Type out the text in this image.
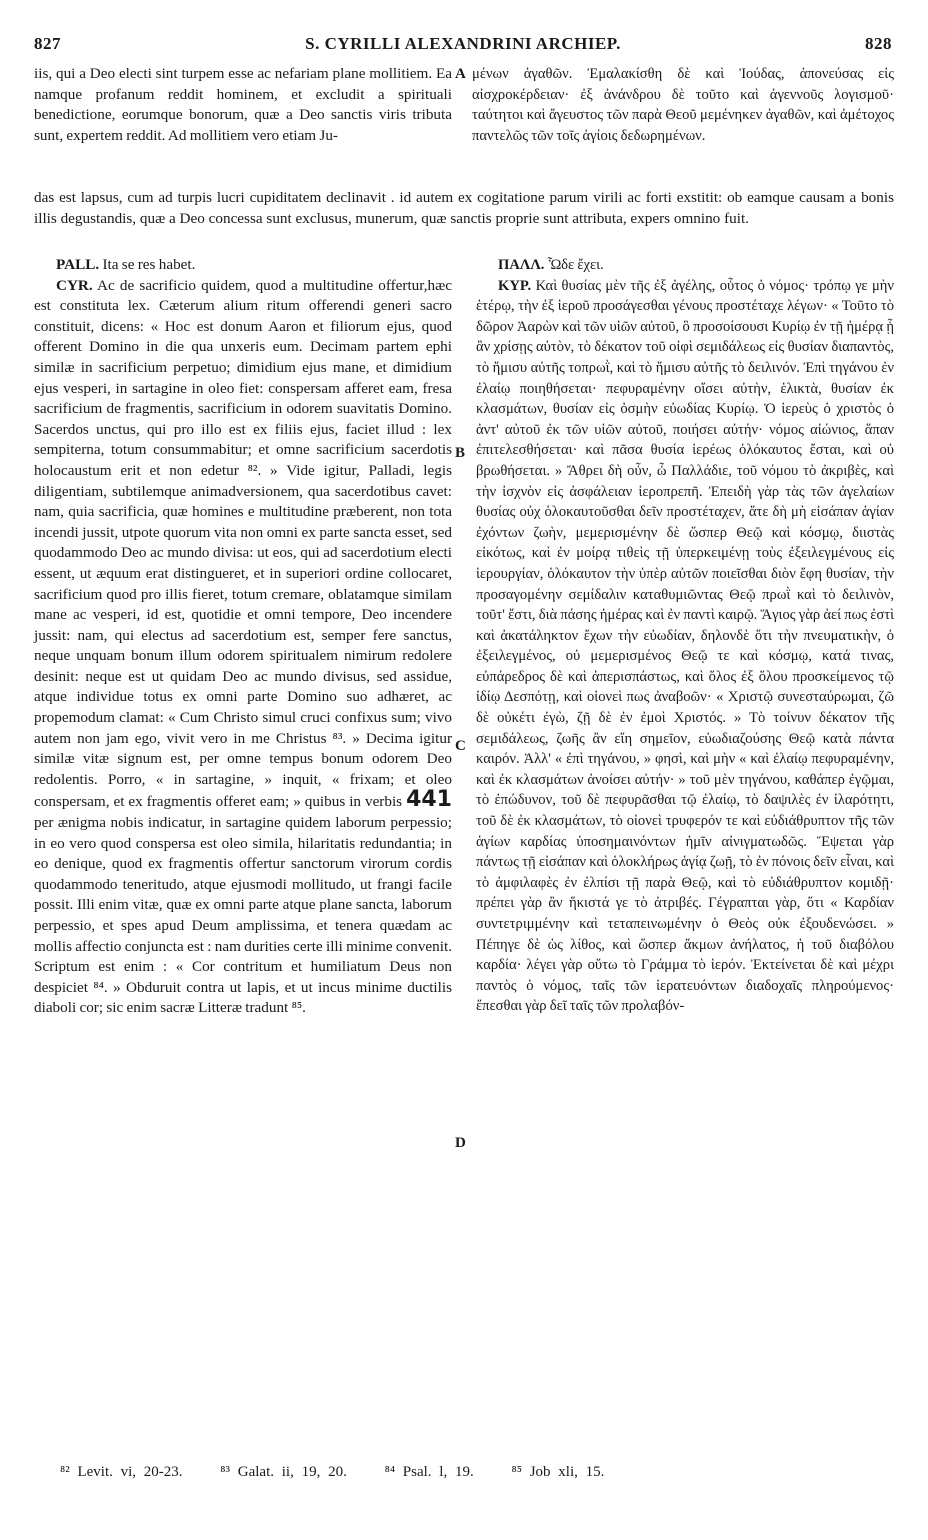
827	S. CYRILLI ALEXANDRINI ARCHIEP.	828

iis, qui a Deo electi sint turpem esse ac nefariam plane mollitiem. Ea namque profanum reddit hominem, et excludit a spirituali benedictione, eorumque bonorum, quæ a Deo sanctis viris tributa sunt, expertem reddit. Ad mollitiem vero etiam Ju-

A μένων ἀγαθῶν. Ἐμαλακίσθη δὲ καὶ Ἰούδας, ἀπονεύσας εἰς αἰσχροκέρδειαν· ἐξ ἀνάνδρου δὲ τοῦτο καὶ ἀγεννοῦς λογισμοῦ· ταύτητοι καὶ ἄγευστος τῶν παρὰ Θεοῦ μεμένηκεν ἀγαθῶν, καὶ ἀμέτοχος παντελῶς τῶν τοῖς ἁγίοις δεδωρημένων.

das est lapsus, cum ad turpis lucri cupiditatem declinavit . id autem ex cogitatione parum virili ac forti exstitit: ob eamque causam a bonis illis degustandis, quæ a Deo concessa sunt exclusus, munerum, quæ sanctis proprie sunt attributa, expers omnino fuit.

PALL. Ita se res habet.

CYR. Ac de sacrificio quidem, quod a multitudine offertur,hæc est constituta lex. Cæterum alium ritum offerendi generi sacro constituit, dicens: « Hoc est donum Aaron et filiorum ejus, quod offerent Domino in die qua unxeris eum. Decimam partem ephi similæ in sacrificium perpetuo; dimidium ejus mane, et dimidium ejus vesperi, in sartagine in oleo fiet: conspersam afferet eam, fresa sacrificium de fragmentis, sacrificium in odorem suavitatis Domino. Sacerdos unctus, qui pro illo est ex filiis ejus, faciet illud : lex sempiterna, totum consummabitur; et omne sacrificium sacerdotis holocaustum erit et non edetur ⁸². » Vide igitur, Palladi, legis diligentiam, subtilemque animadversionem, qua sacerdotibus cavet: nam, quia sacrificia, quæ homines e multitudine præberent, non tota incendi jussit, utpote quorum vita non omni ex parte sancta esset, sed quodammodo Deo ac mundo divisa: ut eos, qui ad sacerdotium electi essent, ut æquum erat distingueret, et in superiori ordine collocaret, sacrificium quod pro illis fieret, totum cremare, oblatamque similam mane ac vesperi, id est, quotidie et omni tempore, Deo incendere jussit: nam, qui electus ad sacerdotium est, semper fere sanctus, neque unquam bonum illum odorem spiritualem nimirum redolere desinit: neque est ut quidam Deo ac mundo divisus, sed assidue, atque individue totus ex omni parte Domino suo adhæret, ac propemodum clamat: « Cum Christo simul cruci confixus sum; vivo autem non jam ego, vivit vero in me Christus ⁸³. » Decima igitur similæ vitæ signum est, per omne tempus bonum odorem Deo redolentis. Porro, « in sartagine, » inquit, « frixam; et oleo conspersam, et ex fragmentis offeret eam; » quibus in verbis 441 per ænigma nobis indicatur, in sartagine quidem laborum perpessio; in eo vero quod conspersa est oleo simila, hilaritatis redundantia; in eo denique, quod ex fragmentis offertur sanctorum virorum cordis quodammodo teneritudo, atque ejusmodi mollitudo, ut frangi facile possit. Illi enim vitæ, quæ ex omni parte atque plane sancta, laborum perpessio, et spes apud Deum amplissima, et tenera quædam ac mollis affectio conjuncta est : nam durities certe illi minime convenit. Scriptum est enim : « Cor contritum et humiliatum Deus non despiciet ⁸⁴. » Obduruit contra ut lapis, et ut incus minime ductilis diaboli cor; sic enim sacræ Litteræ tradunt ⁸⁵.

B
C
D

ΠΑΛΛ. Ὧδε ἔχει.

ΚΥΡ. Καὶ θυσίας μὲν τῆς ἐξ ἀγέλης, οὗτος ὁ νόμος· τρόπῳ γε μὴν ἑτέρῳ, τὴν ἐξ ἱεροῦ προσάγεσθαι γένους προστέταχε λέγων· « Τοῦτο τὸ δῶρον Ἀαρὼν καὶ τῶν υἱῶν αὐτοῦ, ὃ προσοίσουσι Κυρίῳ ἐν τῇ ἡμέρᾳ ᾗ ἂν χρίσῃς αὐτὸν, τὸ δέκατον τοῦ οἰφὶ σεμιδάλεως εἰς θυσίαν διαπαντὸς, τὸ ἥμισυ αὐτῆς τοπρωῒ, καὶ τὸ ἥμισυ αὐτῆς τὸ δειλινόν. Ἐπὶ τηγάνου ἐν ἐλαίῳ ποιηθήσεται· πεφυραμένην οἴσει αὐτὴν, ἑλικτὰ, θυσίαν ἐκ κλασμάτων, θυσίαν εἰς ὀσμὴν εὐωδίας Κυρίῳ. Ὁ ἱερεὺς ὁ χριστὸς ὁ ἀντ' αὐτοῦ ἐκ τῶν υἱῶν αὐτοῦ, ποιήσει αὐτήν· νόμος αἰώνιος, ἅπαν ἐπιτελεσθήσεται· καὶ πᾶσα θυσία ἱερέως ὁλόκαυτος ἔσται, καὶ οὐ βρωθήσεται. » Ἄθρει δὴ οὖν, ὦ Παλλάδιε, τοῦ νόμου τὸ ἀκριβὲς, καὶ τὴν ἰσχνὸν εἰς ἀσφάλειαν ἱεροπρεπῆ. Ἐπειδὴ γὰρ τὰς τῶν ἀγελαίων θυσίας οὐχ ὁλοκαυτοῦσθαι δεῖν προστέταχεν, ἅτε δὴ μὴ εἰσάπαν ἁγίαν ἐχόντων ζωὴν, μεμερισμένην δὲ ὥσπερ Θεῷ καὶ κόσμῳ, διιστὰς εἰκότως, καὶ ἐν μοίρᾳ τιθεὶς τῇ ὑπερκειμένῃ τοὺς ἐξειλεγμένους εἰς ἱερουργίαν, ὁλόκαυτον τὴν ὑπὲρ αὐτῶν ποιεῖσθαι διὸν ἔφη θυσίαν, τὴν προσαγομένην σεμίδαλιν καταθυμιῶντας Θεῷ πρωῒ καὶ τὸ δειλινὸν, τοῦτ' ἔστι, διὰ πάσης ἡμέρας καὶ ἐν παντὶ καιρῷ. Ἅγιος γὰρ ἀεί πως ἐστὶ καὶ ἀκατάληκτον ἔχων τὴν εὐωδίαν, δηλονδὲ ὅτι τὴν πνευματικὴν, ὁ ἐξειλεγμένος, οὐ μεμερισμένος Θεῷ τε καὶ κόσμῳ, κατά τινας, εὐπάρεδρος δὲ καὶ ἀπερισπάστως, καὶ ὅλος ἐξ ὅλου προσκείμενος τῷ ἰδίῳ Δεσπότῃ, καὶ οἱονεὶ πως ἀναβοῶν· « Χριστῷ συνεσταύρωμαι, ζῶ δὲ οὐκέτι ἐγὼ, ζῇ δὲ ἐν ἐμοὶ Χριστός. » Τὸ τοίνυν δέκατον τῆς σεμιδάλεως, ζωῆς ἂν εἴη σημεῖον, εὐωδιαζούσης Θεῷ κατὰ πάντα καιρόν. Ἀλλ' « ἐπὶ τηγάνου, » φησὶ, καὶ μὴν « καὶ ἐλαίῳ πεφυραμένην, καὶ ἐκ κλασμάτων ἀνοίσει αὐτήν· » τοῦ μὲν τηγάνου, καθάπερ ἐγῷμαι, τὸ ἐπώδυνον, τοῦ δὲ πεφυρᾶσθαι τῷ ἐλαίῳ, τὸ δαψιλὲς ἐν ἱλαρότητι, τοῦ δὲ ἐκ κλασμάτων, τὸ οἱονεὶ τρυφερόν τε καὶ εὐδιάθρυπτον τῆς τῶν ἁγίων καρδίας ὑποσημαινόντων ἡμῖν αἰνιγματωδῶς. Ἕψεται γὰρ πάντως τῇ εἰσάπαν καὶ ὁλοκλήρως ἁγίᾳ ζωῇ, τὸ ἐν πόνοις δεῖν εἶναι, καὶ τὸ ἀμφιλαφὲς ἐν ἐλπίσι τῇ παρὰ Θεῷ, καὶ τὸ εὐδιάθρυπτον κομιδῇ· πρέπει γὰρ ἂν ἥκιστά γε τὸ ἀτριβές. Γέγραπται γὰρ, ὅτι « Καρδίαν συντετριμμένην καὶ τεταπεινωμένην ὁ Θεὸς οὐκ ἐξουδενώσει. » Πέπηγε δὲ ὡς λίθος, καὶ ὥσπερ ἄκμων ἀνήλατος, ἡ τοῦ διαβόλου καρδία· λέγει γὰρ οὕτω τὸ Γράμμα τὸ ἱερόν. Ἐκτείνεται δὲ καὶ μέχρι παντὸς ὁ νόμος, ταῖς τῶν ἱερατευόντων διαδοχαῖς πληρούμενος· ἕπεσθαι γὰρ δεῖ ταῖς τῶν προλαβόν-

⁸² Levit. vi, 20-23.	⁸³ Galat. ii, 19, 20.	⁸⁴ Psal. l, 19.	⁸⁵ Job xli, 15.
